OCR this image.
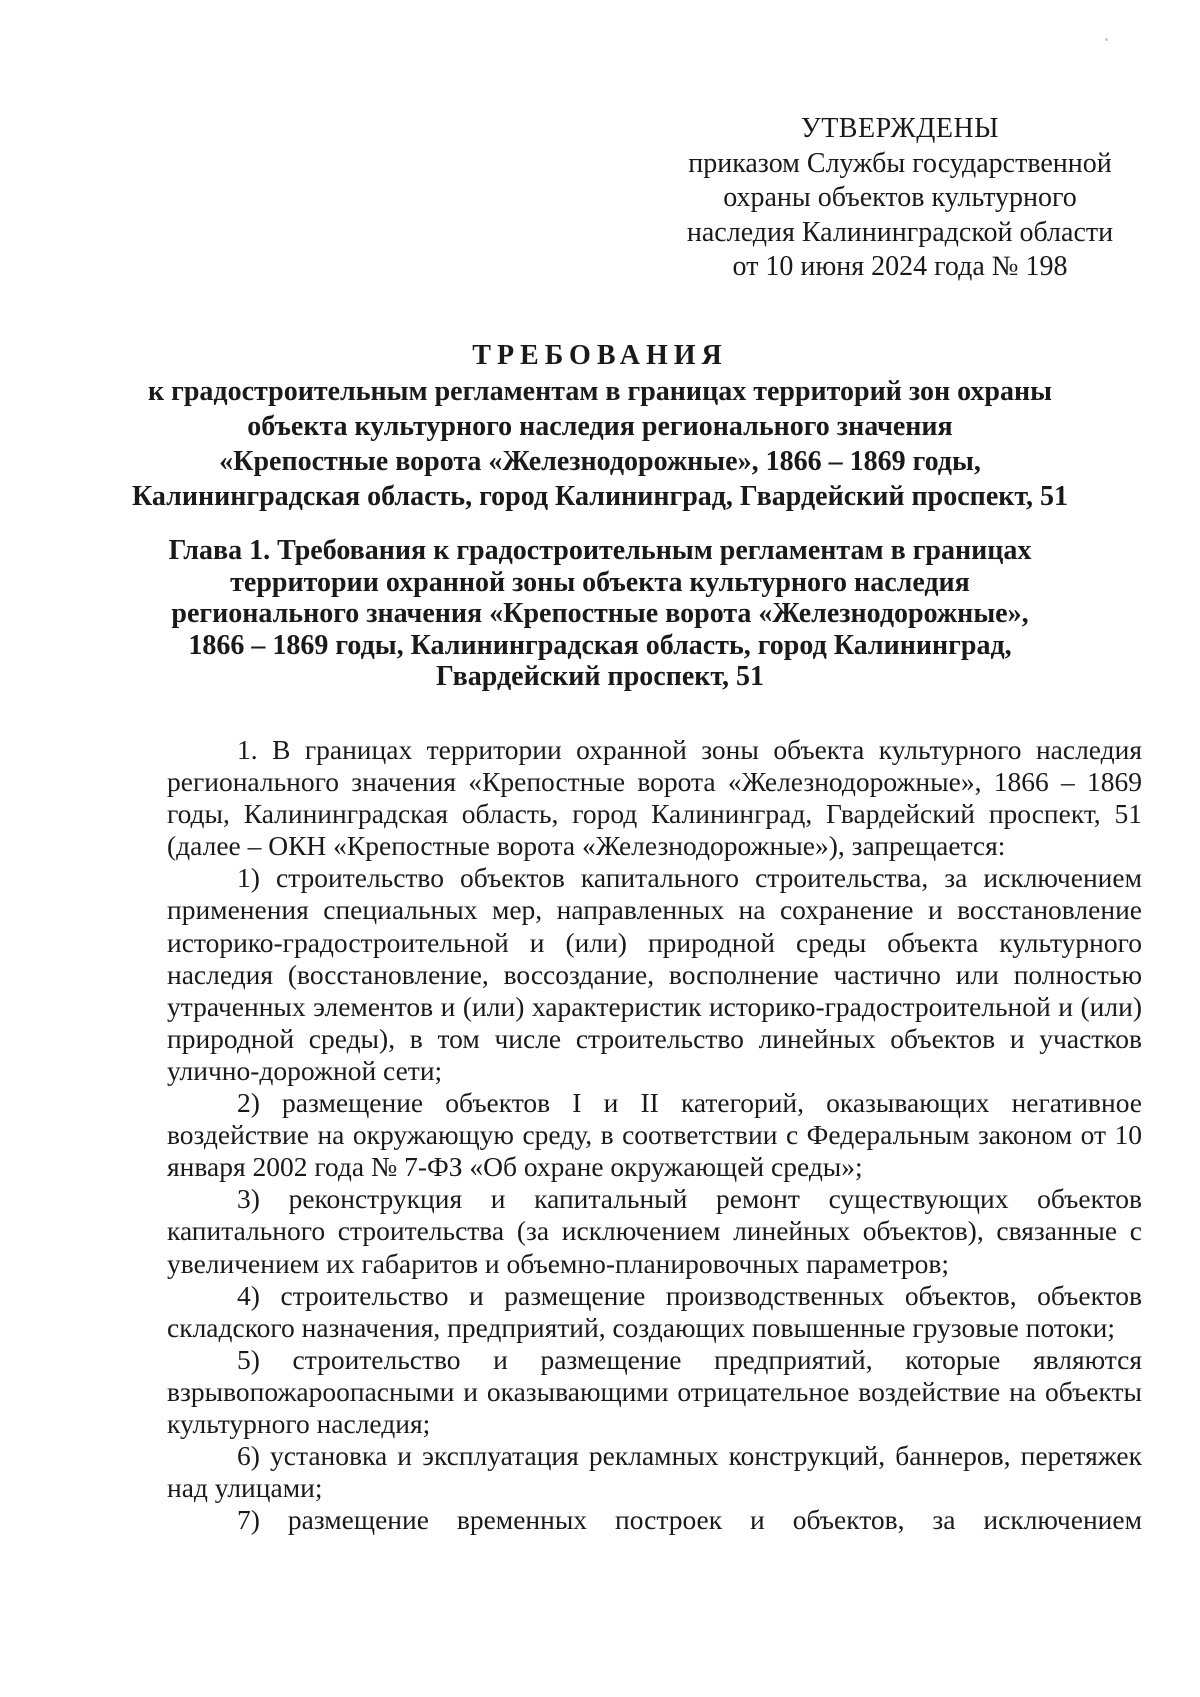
УТВЕРЖДЕНЫ
приказом Службы государственной
охраны объектов культурного
наследия Калининградской области
от 10 июня 2024 года № 198
ТРЕБОВАНИЯ
к градостроительным регламентам в границах территорий зон охраны
объекта культурного наследия регионального значения
«Крепостные ворота «Железнодорожные», 1866 – 1869 годы,
Калининградская область, город Калининград, Гвардейский проспект, 51
Глава 1. Требования к градостроительным регламентам в границах
территории охранной зоны объекта культурного наследия
регионального значения «Крепостные ворота «Железнодорожные»,
1866 – 1869 годы, Калининградская область, город Калининград,
Гвардейский проспект, 51

1. В границах территории охранной зоны объекта культурного наследия регионального значения «Крепостные ворота «Железнодорожные», 1866 – 1869 годы, Калининградская область, город Калининград, Гвардейский проспект, 51 (далее – ОКН «Крепостные ворота «Железнодорожные»), запрещается:

1) строительство объектов капитального строительства, за исключением применения специальных мер, направленных на сохранение и восстановление историко-градостроительной и (или) природной среды объекта культурного наследия (восстановление, воссоздание, восполнение частично или полностью утраченных элементов и (или) характеристик историко-градостроительной и (или) природной среды), в том числе строительство линейных объектов и участков улично-дорожной сети;

2) размещение объектов I и II категорий, оказывающих негативное воздействие на окружающую среду, в соответствии с Федеральным законом от 10 января 2002 года № 7-ФЗ «Об охране окружающей среды»;

3) реконструкция и капитальный ремонт существующих объектов капитального строительства (за исключением линейных объектов), связанные с увеличением их габаритов и объемно-планировочных параметров;

4) строительство и размещение производственных объектов, объектов складского назначения, предприятий, создающих повышенные грузовые потоки;

5) строительство и размещение предприятий, которые являются взрывопожароопасными и оказывающими отрицательное воздействие на объекты культурного наследия;

6) установка и эксплуатация рекламных конструкций, баннеров, перетяжек над улицами;

7) размещение временных построек и объектов, за исключением
